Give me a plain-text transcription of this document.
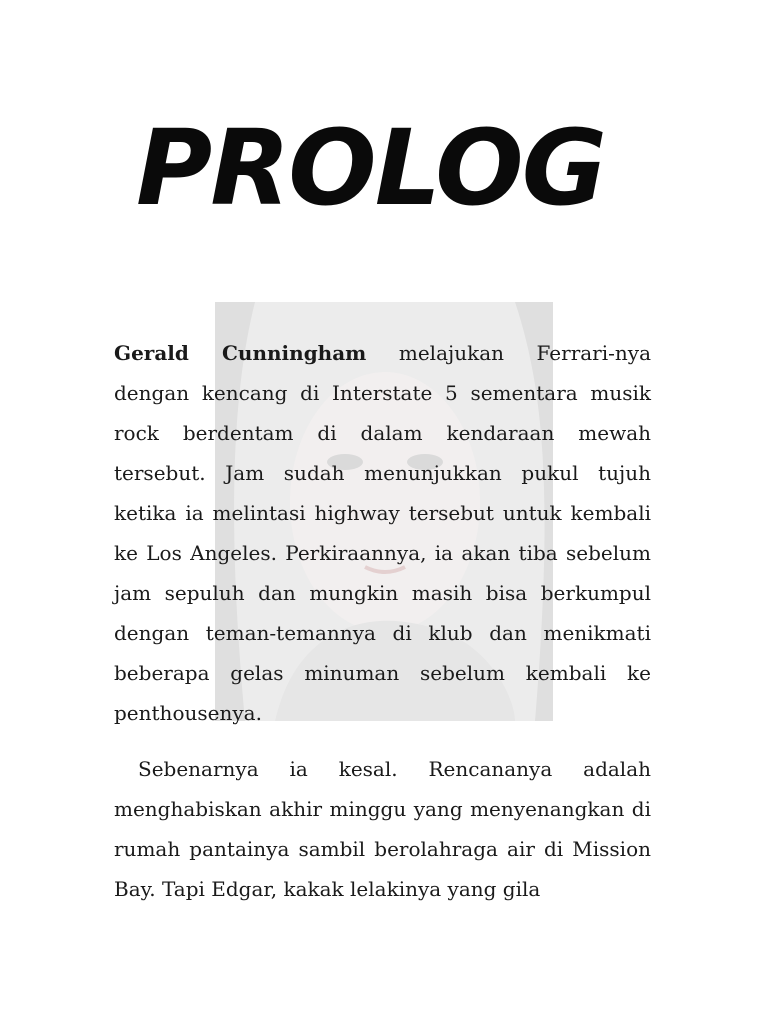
PROLOG

Gerald Cunningham melajukan Ferrari-nya dengan kencang di Interstate 5 sementara musik rock berdentam di dalam kendaraan mewah tersebut. Jam sudah menunjukkan pukul tujuh ketika ia melintasi highway tersebut untuk kembali ke Los Angeles. Perkiraannya, ia akan tiba sebelum jam sepuluh dan mungkin masih bisa berkumpul dengan teman-temannya di klub dan menikmati beberapa gelas minuman sebelum kembali ke penthousenya.

Sebenarnya ia kesal. Rencananya adalah menghabiskan akhir minggu yang menyenangkan di rumah pantainya sambil berolahraga air di Mission Bay. Tapi Edgar, kakak lelakinya yang gila
